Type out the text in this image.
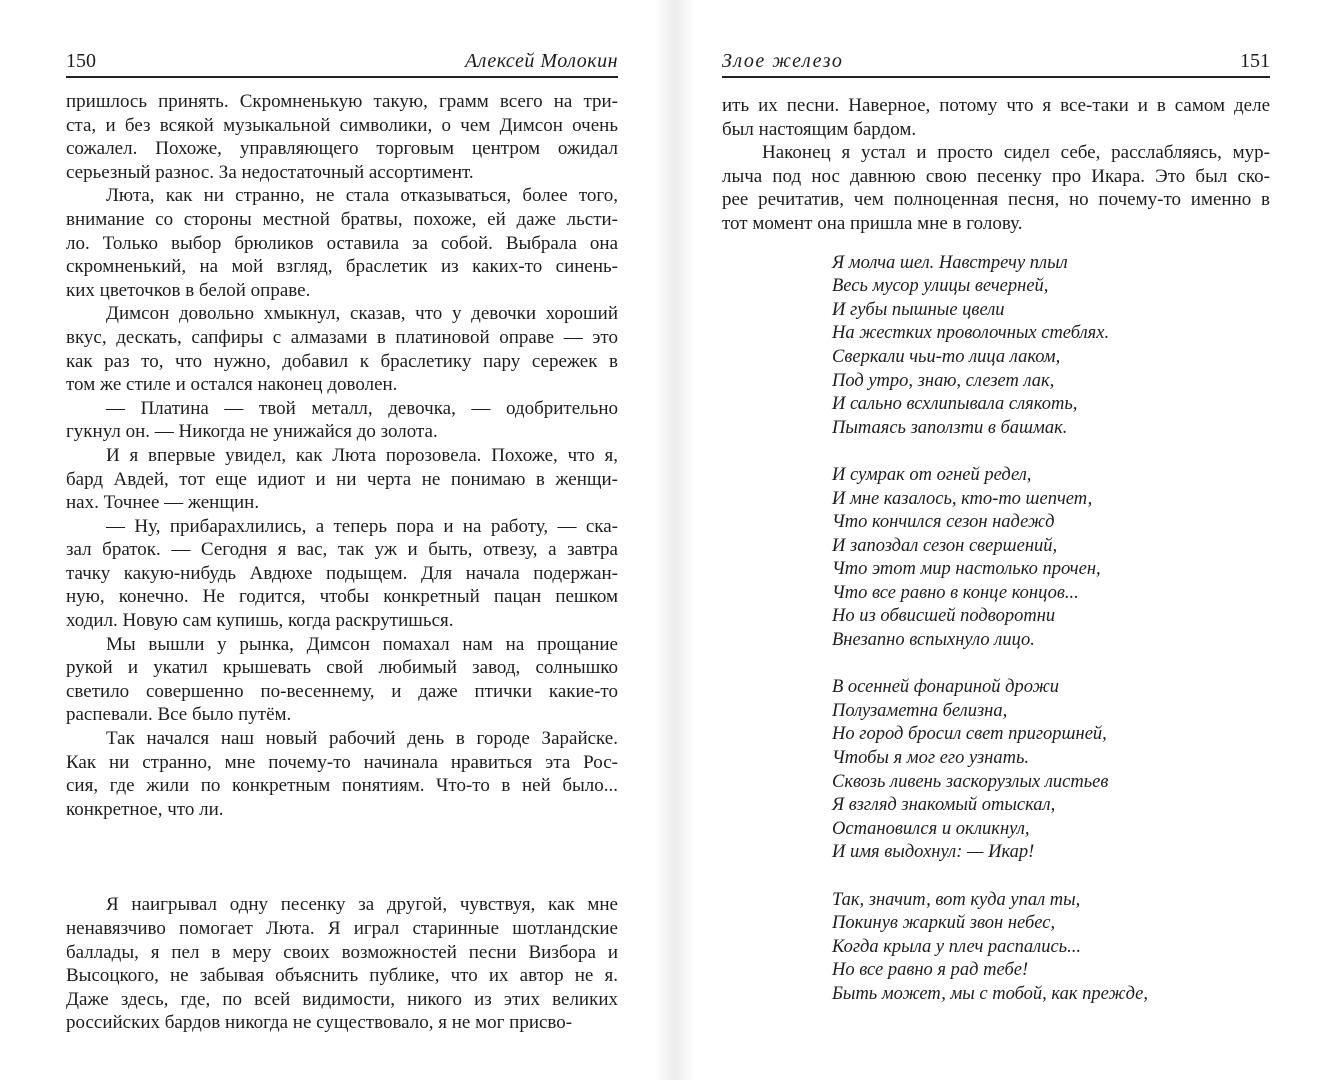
150	Алексей Молокин

пришлось принять. Скромненькую такую, грамм всего на три-

ста, и без всякой музыкальной символики, о чем Димсон очень

сожалел. Похоже, управляющего торговым центром ожидал

серьезный разнос. За недостаточный ассортимент.

Люта, как ни странно, не стала отказываться, более того,

внимание со стороны местной братвы, похоже, ей даже льсти-

ло. Только выбор брюликов оставила за собой. Выбрала она

скромненький, на мой взгляд, браслетик из каких-то синень-

ких цветочков в белой оправе.

Димсон довольно хмыкнул, сказав, что у девочки хороший

вкус, дескать, сапфиры с алмазами в платиновой оправе — это

как раз то, что нужно, добавил к браслетику пару сережек в

том же стиле и остался наконец доволен.

— Платина — твой металл, девочка, — одобрительно

гукнул он. — Никогда не унижайся до золота.

И я впервые увидел, как Люта порозовела. Похоже, что я,

бард Авдей, тот еще идиот и ни черта не понимаю в женщи-

нах. Точнее — женщин.

— Ну, прибарахлились, а теперь пора и на работу, — ска-

зал браток. — Сегодня я вас, так уж и быть, отвезу, а завтра

тачку какую-нибудь Авдюхе подыщем. Для начала подержан-

ную, конечно. Не годится, чтобы конкретный пацан пешком

ходил. Новую сам купишь, когда раскрутишься.

Мы вышли у рынка, Димсон помахал нам на прощание

рукой и укатил крышевать свой любимый завод, солнышко

светило совершенно по-весеннему, и даже птички какие-то

распевали. Все было путём.

Так начался наш новый рабочий день в городе Зарайске.

Как ни странно, мне почему-то начинала нравиться эта Рос-

сия, где жили по конкретным понятиям. Что-то в ней было...

конкретное, что ли.

Я наигрывал одну песенку за другой, чувствуя, как мне

ненавязчиво помогает Люта. Я играл старинные шотландские

баллады, я пел в меру своих возможностей песни Визбора и

Высоцкого, не забывая объяснить публике, что их автор не я.

Даже здесь, где, по всей видимости, никого из этих великих

российских бардов никогда не существовало, я не мог присво-

Злое железо	151

ить их песни. Наверное, потому что я все-таки и в самом деле

был настоящим бардом.

Наконец я устал и просто сидел себе, расслабляясь, мур-

лыча под нос давнюю свою песенку про Икара. Это был ско-

рее речитатив, чем полноценная песня, но почему-то именно в

тот момент она пришла мне в голову.

Я молча шел. Навстречу плыл
Весь мусор улицы вечерней,
И губы пышные цвели
На жестких проволочных стеблях.
Сверкали чьи-то лица лаком,
Под утро, знаю, слезет лак,
И сально всхлипывала слякоть,
Пытаясь заползти в башмак.
И сумрак от огней редел,
И мне казалось, кто-то шепчет,
Что кончился сезон надежд
И запоздал сезон свершений,
Что этот мир настолько прочен,
Что все равно в конце концов...
Но из обвисшей подворотни
Внезапно вспыхнуло лицо.
В осенней фонариной дрожи
Полузаметна белизна,
Но город бросил свет пригоршней,
Чтобы я мог его узнать.
Сквозь ливень заскорузлых листьев
Я взгляд знакомый отыскал,
Остановился и окликнул,
И имя выдохнул: — Икар!
Так, значит, вот куда упал ты,
Покинув жаркий звон небес,
Когда крыла у плеч распались...
Но все равно я рад тебе!
Быть может, мы с тобой, как прежде,
